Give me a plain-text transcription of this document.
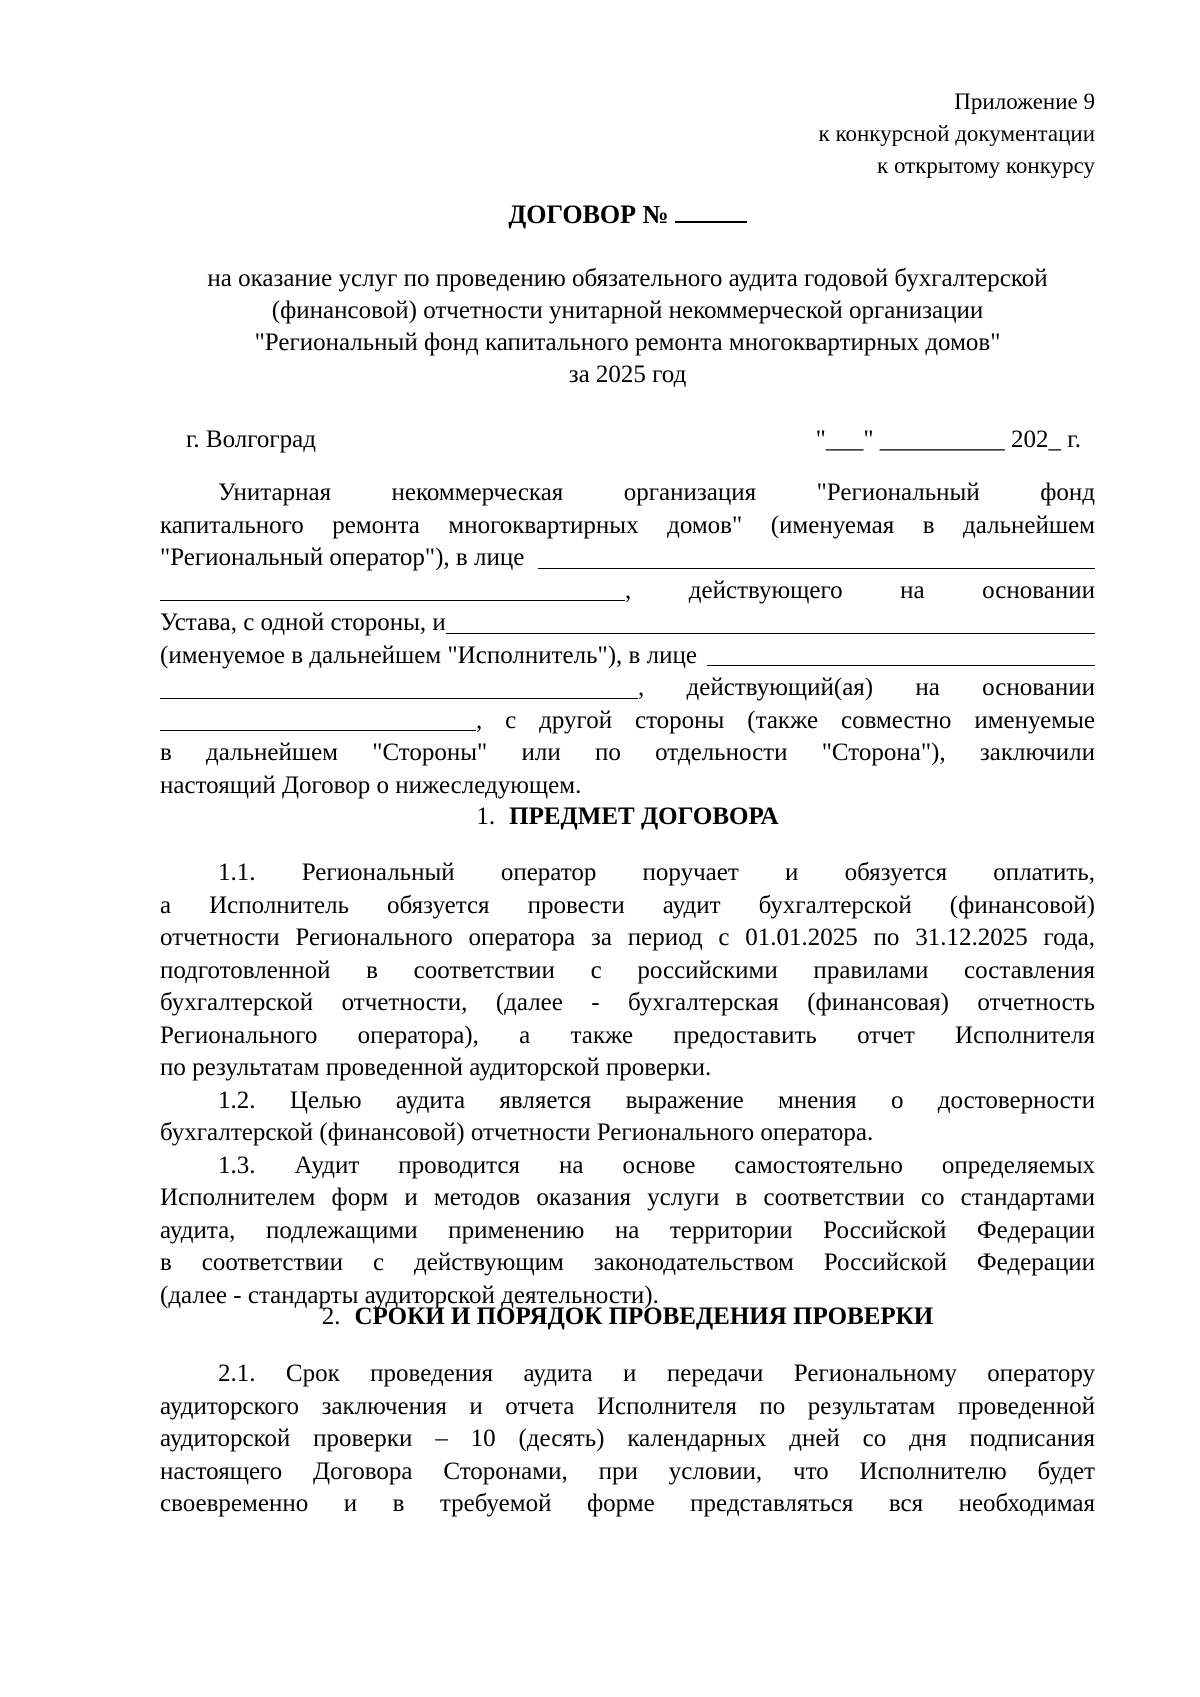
Приложение 9
к конкурсной документации
к открытому конкурсу
ДОГОВОР №
на оказание услуг по проведению обязательного аудита годовой бухгалтерской
(финансовой) отчетности унитарной некоммерческой организации
"Региональный фонд капитального ремонта многоквартирных домов"
за 2025 год
г. Волгоград	"___" __________ 202_ г.
Унитарная некоммерческая организация "Региональный фонд
капитального ремонта многоквартирных домов" (именуемая в дальнейшем
"Региональный оператор"), в лице
, действующего на основании
Устава, с одной стороны, и
(именуемое в дальнейшем "Исполнитель"), в лице
, действующий(ая) на основании
, с другой стороны (также совместно именуемые
в дальнейшем "Стороны" или по отдельности "Сторона"), заключили
настоящий Договор о нижеследующем.
1. ПРЕДМЕТ ДОГОВОРА
1.1. Региональный оператор поручает и обязуется оплатить,
а Исполнитель обязуется провести аудит бухгалтерской (финансовой)
отчетности Регионального оператора за период с 01.01.2025 по 31.12.2025 года,
подготовленной в соответствии с российскими правилами составления
бухгалтерской отчетности, (далее - бухгалтерская (финансовая) отчетность
Регионального оператора), а также предоставить отчет Исполнителя
по результатам проведенной аудиторской проверки.
1.2. Целью аудита является выражение мнения о достоверности
бухгалтерской (финансовой) отчетности Регионального оператора.
1.3. Аудит проводится на основе самостоятельно определяемых
Исполнителем форм и методов оказания услуги в соответствии со стандартами
аудита, подлежащими применению на территории Российской Федерации
в соответствии с действующим законодательством Российской Федерации
(далее - стандарты аудиторской деятельности).
2. СРОКИ И ПОРЯДОК ПРОВЕДЕНИЯ ПРОВЕРКИ
2.1. Срок проведения аудита и передачи Региональному оператору
аудиторского заключения и отчета Исполнителя по результатам проведенной
аудиторской проверки – 10 (десять) календарных дней со дня подписания
настоящего Договора Сторонами, при условии, что Исполнителю будет
своевременно и в требуемой форме представляться вся необходимая
